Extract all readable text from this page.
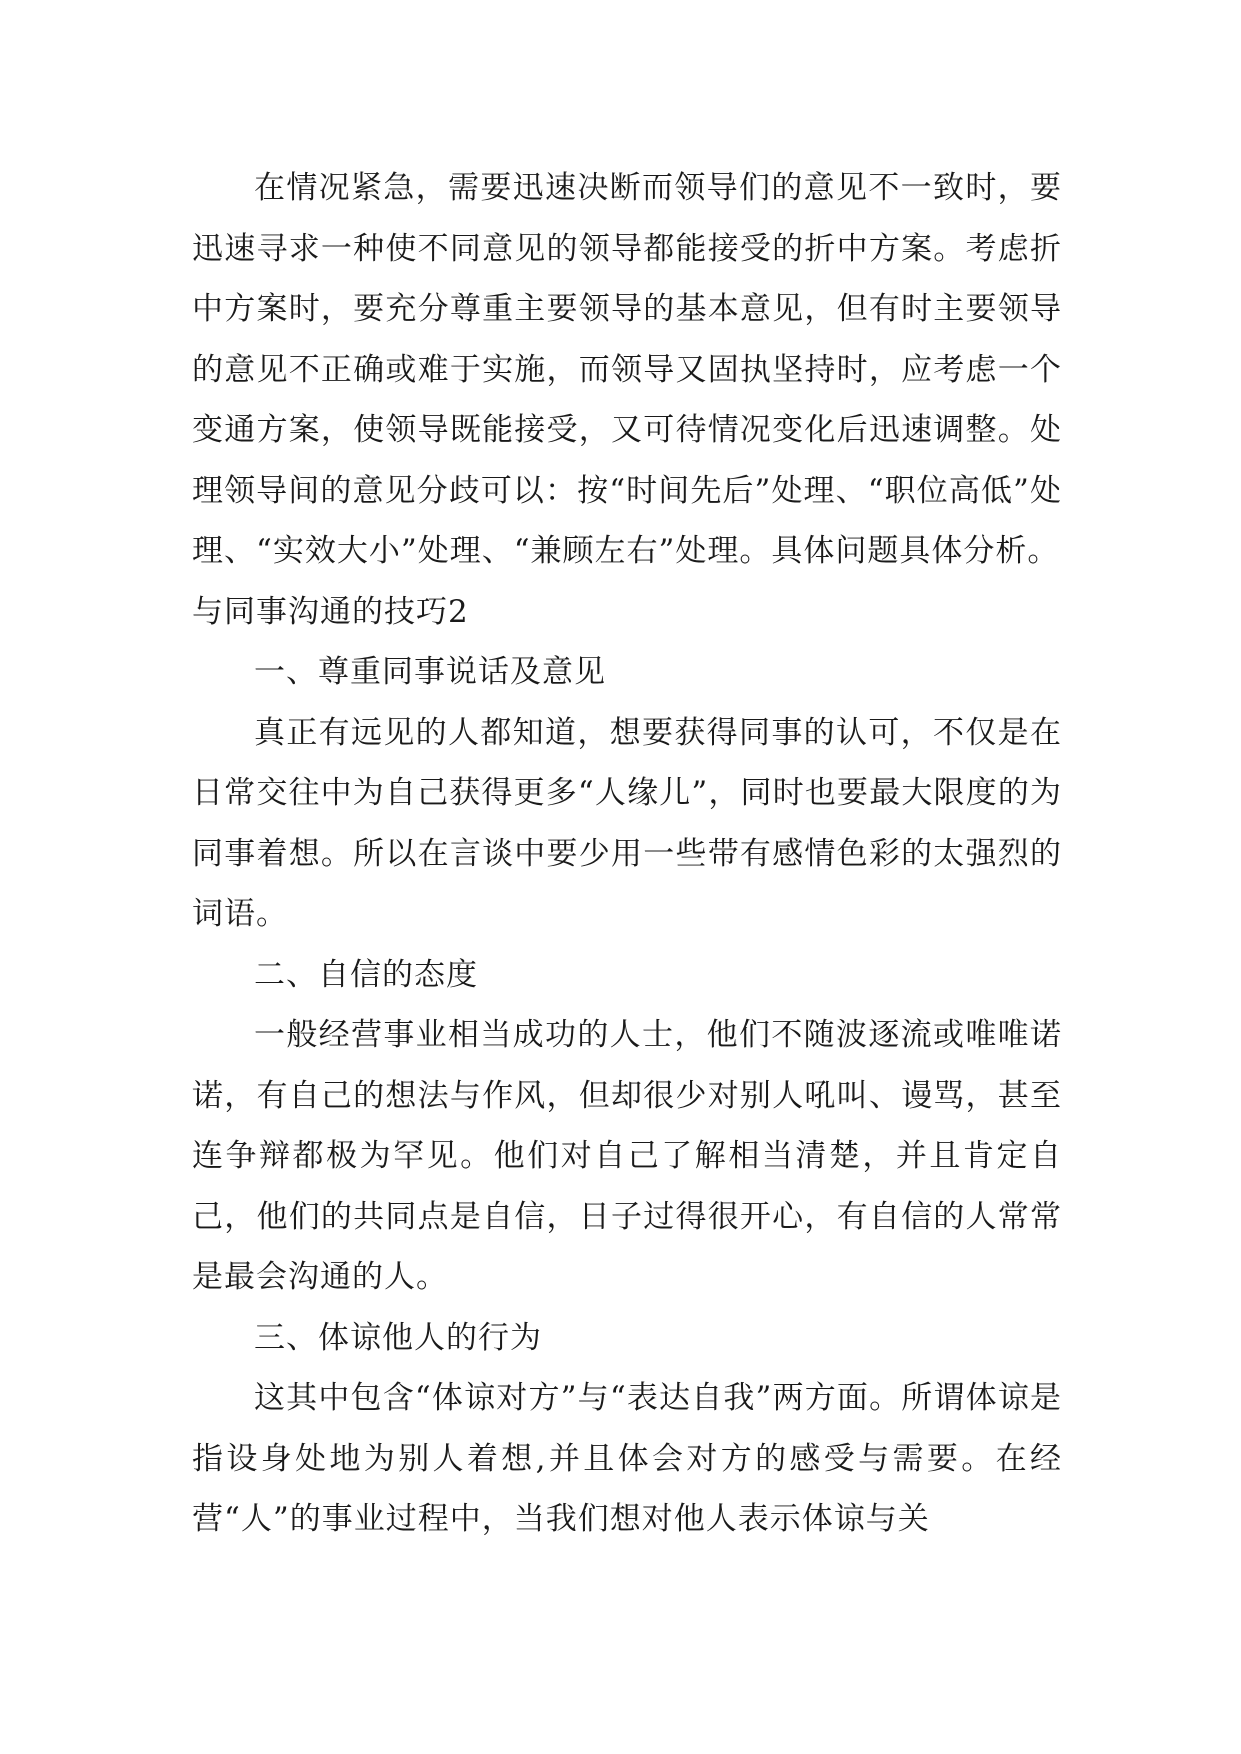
在情况紧急，需要迅速决断而领导们的意见不一致时，要迅速寻求一种使不同意见的领导都能接受的折中方案。考虑折中方案时，要充分尊重主要领导的基本意见，但有时主要领导的意见不正确或难于实施，而领导又固执坚持时，应考虑一个变通方案，使领导既能接受，又可待情况变化后迅速调整。处理领导间的意见分歧可以：按“时间先后”处理、“职位高低”处理、“实效大小”处理、“兼顾左右”处理。具体问题具体分析。

与同事沟通的技巧2

一、尊重同事说话及意见

真正有远见的人都知道，想要获得同事的认可，不仅是在日常交往中为自己获得更多“人缘儿”，同时也要最大限度的为同事着想。所以在言谈中要少用一些带有感情色彩的太强烈的词语。

二、自信的态度

一般经营事业相当成功的人士，他们不随波逐流或唯唯诺诺，有自己的想法与作风，但却很少对别人吼叫、谩骂，甚至连争辩都极为罕见。他们对自己了解相当清楚，并且肯定自己，他们的共同点是自信，日子过得很开心，有自信的人常常是最会沟通的人。

三、体谅他人的行为

这其中包含“体谅对方”与“表达自我”两方面。所谓体谅是指设身处地为别人着想,并且体会对方的感受与需要。在经营“人”的事业过程中，当我们想对他人表示体谅与关
